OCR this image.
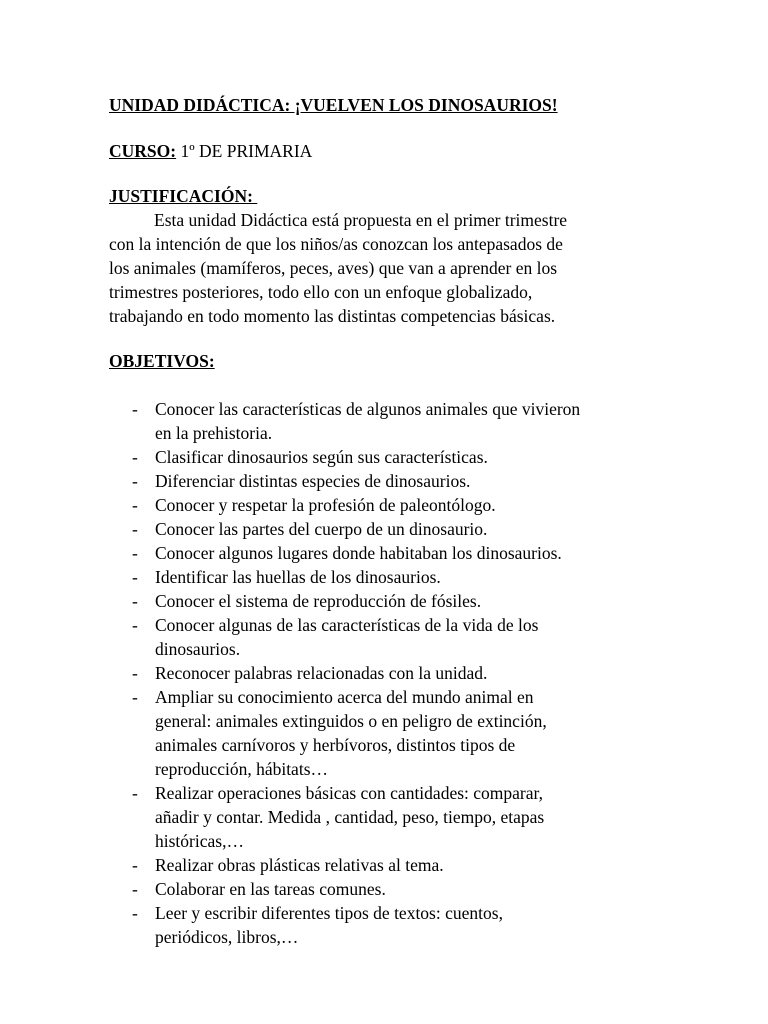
UNIDAD DIDÁCTICA: ¡VUELVEN LOS DINOSAURIOS!
CURSO: 1º DE PRIMARIA
JUSTIFICACIÓN:
Esta unidad Didáctica está propuesta en el primer trimestre
con la intención de que los niños/as conozcan los antepasados de
los animales (mamíferos, peces, aves) que van a aprender en los
trimestres posteriores, todo ello con un enfoque globalizado,
trabajando en todo momento las distintas competencias básicas.
OBJETIVOS:
- Conocer las características de algunos animales que vivieron
en la prehistoria.
- Clasificar dinosaurios según sus características.
- Diferenciar distintas especies de dinosaurios.
- Conocer y respetar la profesión de paleontólogo.
- Conocer las partes del cuerpo de un dinosaurio.
- Conocer algunos lugares donde habitaban los dinosaurios.
- Identificar las huellas de los dinosaurios.
- Conocer el sistema de reproducción de fósiles.
- Conocer algunas de las características de la vida de los
dinosaurios.
- Reconocer palabras relacionadas con la unidad.
- Ampliar su conocimiento acerca del mundo animal en
general: animales extinguidos o en peligro de extinción,
animales carnívoros y herbívoros, distintos tipos de
reproducción, hábitats…
- Realizar operaciones básicas con cantidades: comparar,
añadir y contar. Medida , cantidad, peso, tiempo, etapas
históricas,…
- Realizar obras plásticas relativas al tema.
- Colaborar en las tareas comunes.
- Leer y escribir diferentes tipos de textos: cuentos,
periódicos, libros,…
